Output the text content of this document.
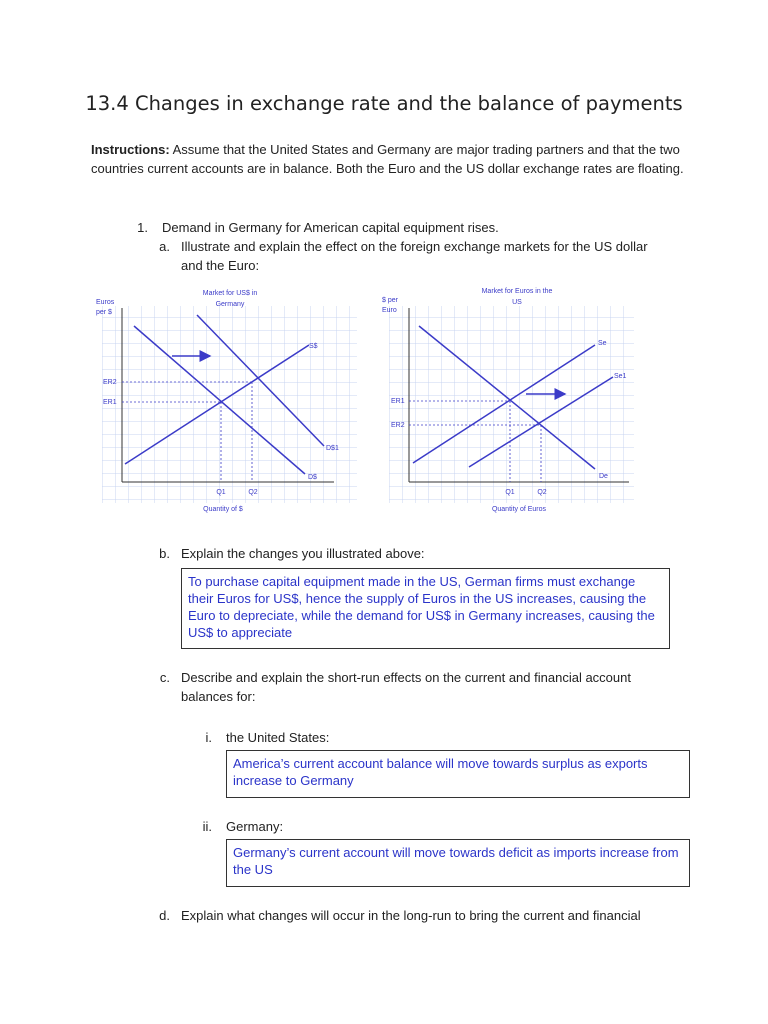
13.4 Changes in exchange rate and the balance of payments
Instructions: Assume that the United States and Germany are major trading partners and that the two countries current accounts are in balance. Both the Euro and the US dollar exchange rates are floating.
1. Demand in Germany for American capital equipment rises.
a. Illustrate and explain the effect on the foreign exchange markets for the US dollar
and the Euro:
Market for US$ in
Germany
Euros
per $
ER2
ER1
Q1	Q2
S$
D$
D$1
Quantity of $
Market for Euros in the
US
$ per
Euro
ER1
ER2
Q1	Q2
Se
Se1
De
Quantity of Euros
b. Explain the changes you illustrated above:
To purchase capital equipment made in the US, German firms must exchange their Euros for US$, hence the supply of Euros in the US increases, causing the Euro to depreciate, while the demand for US$ in Germany increases, causing the US$ to appreciate
c. Describe and explain the short-run effects on the current and financial account
balances for:
i. the United States:
America’s current account balance will move towards surplus as exports increase to Germany
ii. Germany:
Germany’s current account will move towards deficit as imports increase from the US
d. Explain what changes will occur in the long-run to bring the current and financial
